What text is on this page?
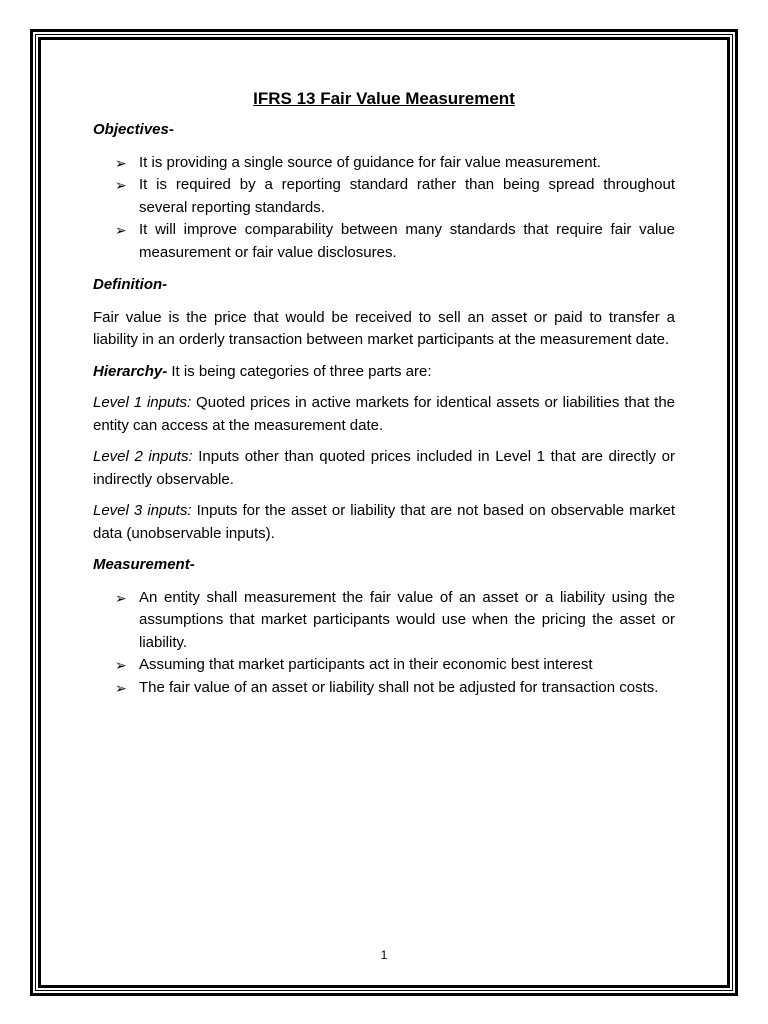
IFRS 13 Fair Value Measurement
Objectives-
➢ It is providing a single source of guidance for fair value measurement.
➢ It is required by a reporting standard rather than being spread throughout several reporting standards.
➢ It will improve comparability between many standards that require fair value measurement or fair value disclosures.
Definition-

Fair value is the price that would be received to sell an asset or paid to transfer a liability in an orderly transaction between market participants at the measurement date.

Hierarchy- It is being categories of three parts are:

Level 1 inputs: Quoted prices in active markets for identical assets or liabilities that the entity can access at the measurement date.

Level 2 inputs: Inputs other than quoted prices included in Level 1 that are directly or indirectly observable.

Level 3 inputs: Inputs for the asset or liability that are not based on observable market data (unobservable inputs).

Measurement-
➢ An entity shall measurement the fair value of an asset or a liability using the assumptions that market participants would use when the pricing the asset or liability.
➢ Assuming that market participants act in their economic best interest
➢ The fair value of an asset or liability shall not be adjusted for transaction costs.
1
